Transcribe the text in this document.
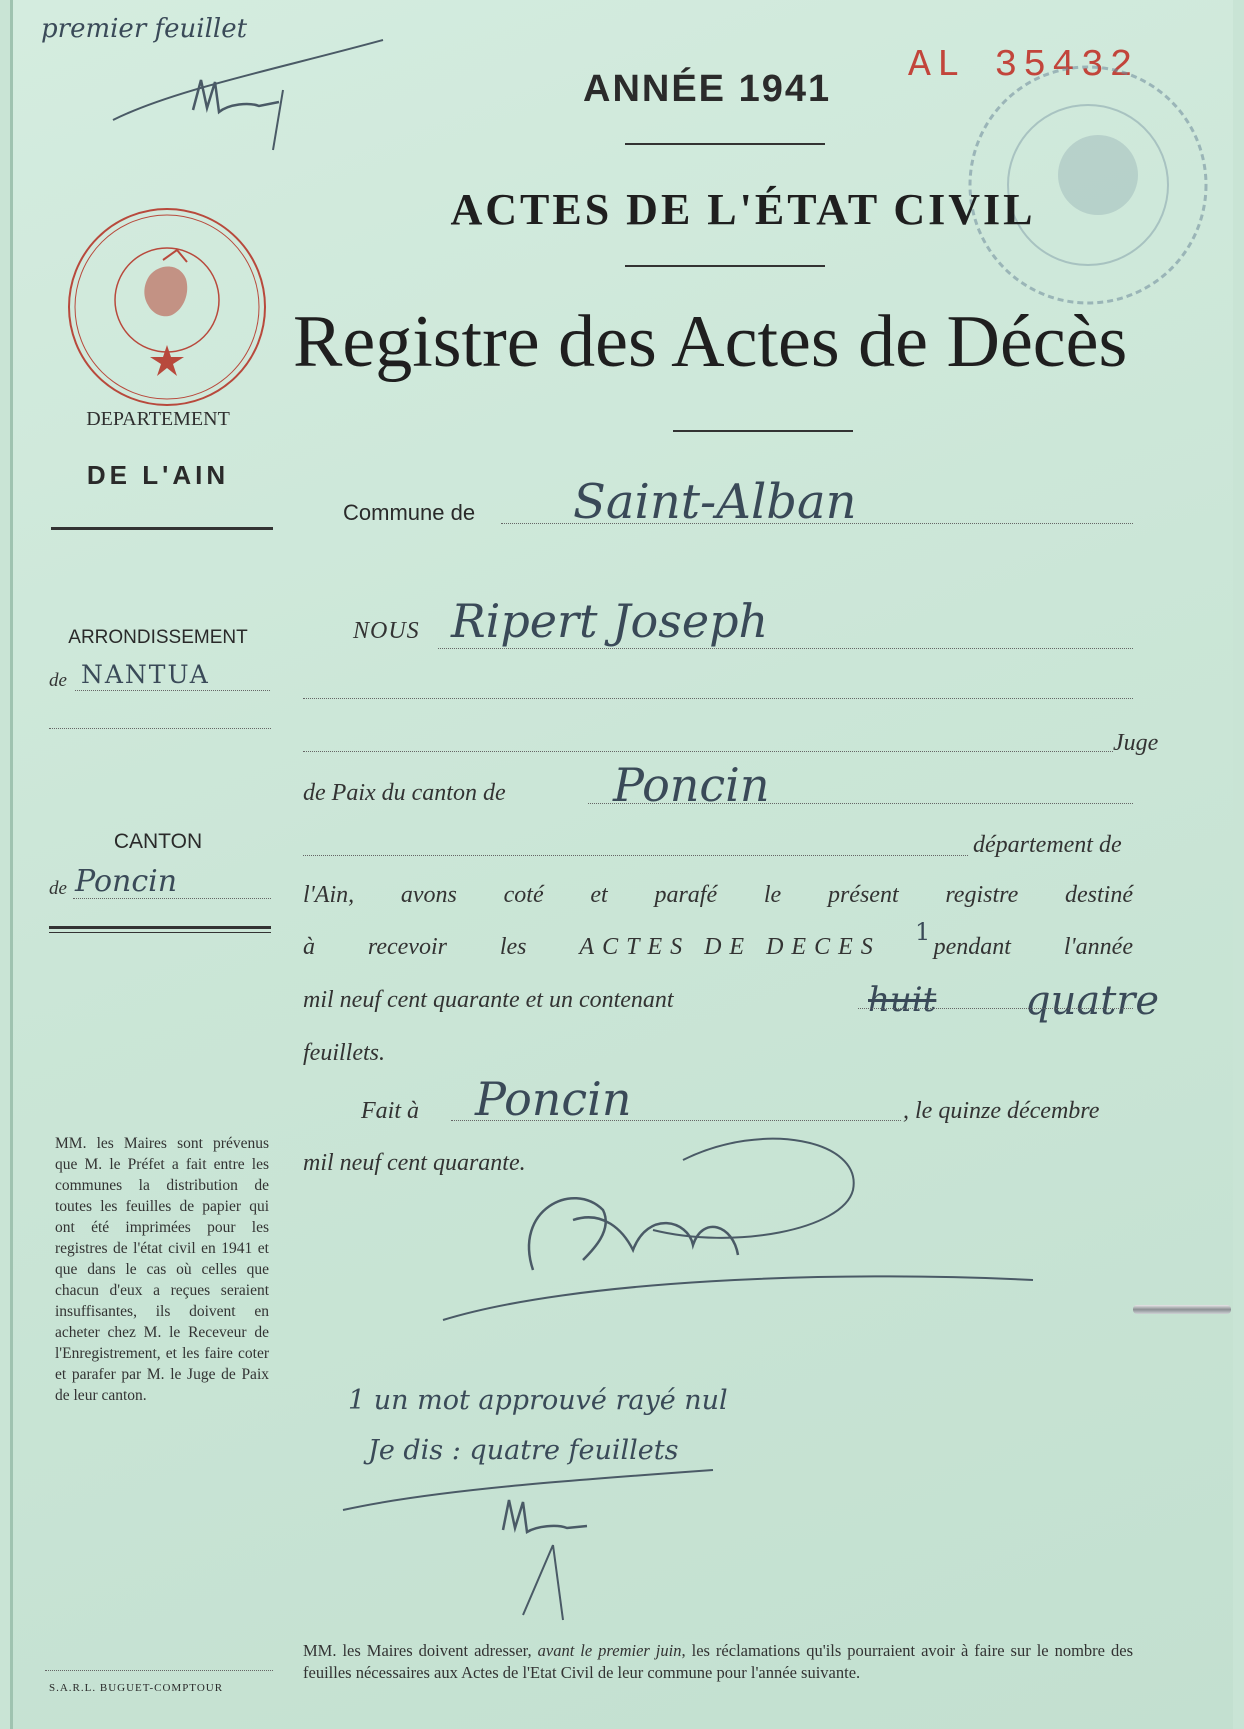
premier feuillet
ANNÉE 1941
AL 35432
ACTES DE L'ÉTAT CIVIL
Registre des Actes de Décès
DEPARTEMENT
DE L'AIN
ARRONDISSEMENT
de NANTUA
CANTON
de Poncin
MM. les Maires sont prévenus que M. le Préfet a fait entre les communes la distribution de toutes les feuilles de papier qui ont été imprimées pour les registres de l'état civil en 1941 et que dans le cas où celles que chacun d'eux a reçues seraient insuffisantes, ils doivent en acheter chez M. le Receveur de l'Enregistrement, et les faire coter et parafer par M. le Juge de Paix de leur canton.
S.A.R.L. BUGUET-COMPTOUR
Commune de Saint-Alban
NOUS Ripert Joseph
Juge
de Paix du canton de Poncin
département de
l'Ain, avons coté et parafé le présent registre destiné
à recevoir les ACTES DE DECES pendant l'année
1
mil neuf cent quarante et un contenant	huit quatre
feuillets.
Fait à Poncin	, le quinze décembre
mil neuf cent quarante.
1 un mot approuvé rayé nul
Je dis : quatre feuillets
MM. les Maires doivent adresser, avant le premier juin, les réclamations qu'ils pourraient avoir à faire sur le nombre des feuilles nécessaires aux Actes de l'Etat Civil de leur commune pour l'année suivante.
